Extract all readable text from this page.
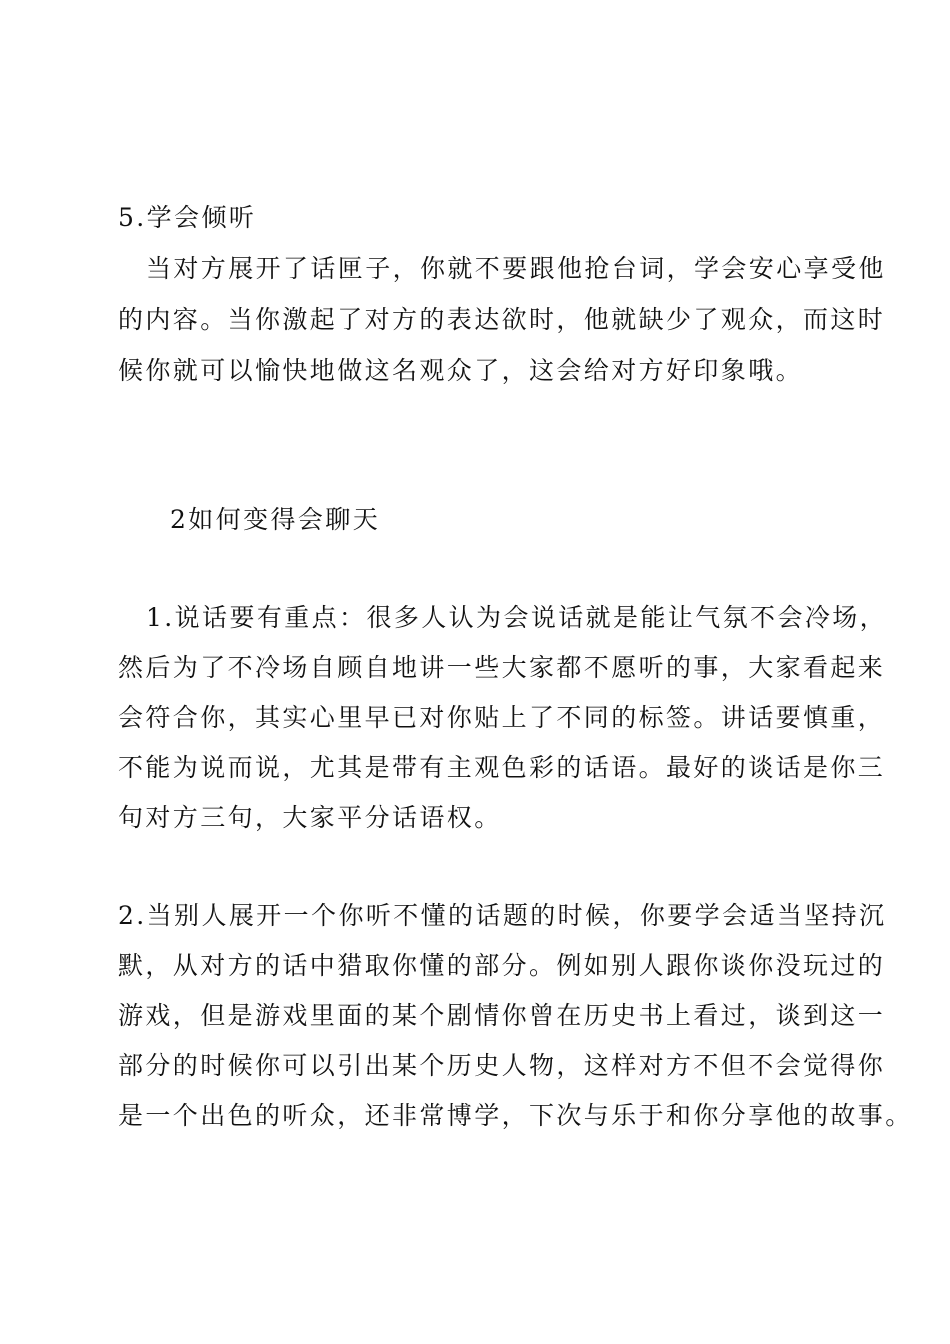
5.学会倾听
当对方展开了话匣子，你就不要跟他抢台词，学会安心享受他
的内容。当你激起了对方的表达欲时，他就缺少了观众，而这时
候你就可以愉快地做这名观众了，这会给对方好印象哦。
2如何变得会聊天
1.说话要有重点：很多人认为会说话就是能让气氛不会冷场，
然后为了不冷场自顾自地讲一些大家都不愿听的事，大家看起来
会符合你，其实心里早已对你贴上了不同的标签。讲话要慎重，
不能为说而说，尤其是带有主观色彩的话语。最好的谈话是你三
句对方三句，大家平分话语权。
2.当别人展开一个你听不懂的话题的时候，你要学会适当坚持沉
默，从对方的话中猎取你懂的部分。例如别人跟你谈你没玩过的
游戏，但是游戏里面的某个剧情你曾在历史书上看过，谈到这一
部分的时候你可以引出某个历史人物，这样对方不但不会觉得你
是一个出色的听众，还非常博学，下次与乐于和你分享他的故事。
